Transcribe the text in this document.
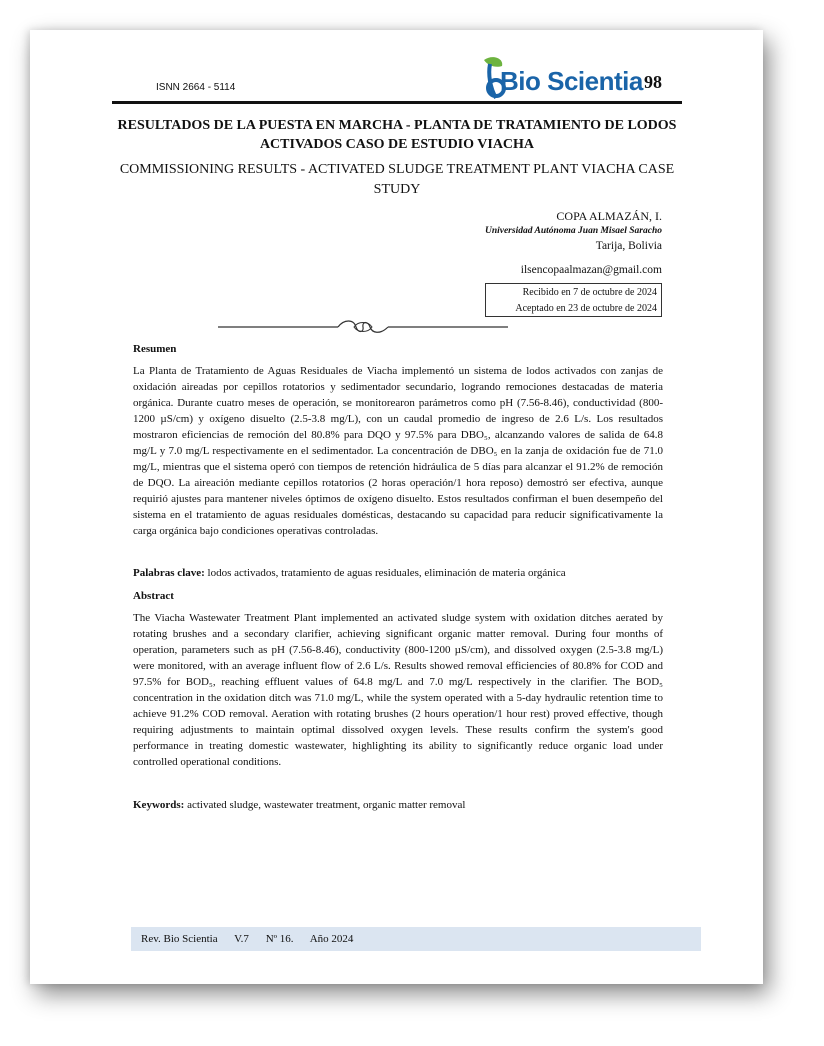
ISNN 2664 - 5114	Bio Scientia 98
RESULTADOS DE LA PUESTA EN MARCHA - PLANTA DE TRATAMIENTO DE LODOS ACTIVADOS CASO DE ESTUDIO VIACHA
COMMISSIONING RESULTS - ACTIVATED SLUDGE TREATMENT PLANT VIACHA CASE STUDY
COPA ALMAZÁN, I.
Universidad Autónoma Juan Misael Saracho
Tarija, Bolivia
ilsencopaalmazan@gmail.com
Recibido en 7 de octubre de 2024
Aceptado en 23 de octubre de 2024
Resumen
La Planta de Tratamiento de Aguas Residuales de Viacha implementó un sistema de lodos activados con zanjas de oxidación aireadas por cepillos rotatorios y sedimentador secundario, logrando remociones destacadas de materia orgánica. Durante cuatro meses de operación, se monitorearon parámetros como pH (7.56-8.46), conductividad (800-1200 µS/cm) y oxígeno disuelto (2.5-3.8 mg/L), con un caudal promedio de ingreso de 2.6 L/s. Los resultados mostraron eficiencias de remoción del 80.8% para DQO y 97.5% para DBO₅, alcanzando valores de salida de 64.8 mg/L y 7.0 mg/L respectivamente en el sedimentador. La concentración de DBO₅ en la zanja de oxidación fue de 71.0 mg/L, mientras que el sistema operó con tiempos de retención hidráulica de 5 días para alcanzar el 91.2% de remoción de DQO. La aireación mediante cepillos rotatorios (2 horas operación/1 hora reposo) demostró ser efectiva, aunque requirió ajustes para mantener niveles óptimos de oxígeno disuelto. Estos resultados confirman el buen desempeño del sistema en el tratamiento de aguas residuales domésticas, destacando su capacidad para reducir significativamente la carga orgánica bajo condiciones operativas controladas.
Palabras clave: lodos activados, tratamiento de aguas residuales, eliminación de materia orgánica
Abstract
The Viacha Wastewater Treatment Plant implemented an activated sludge system with oxidation ditches aerated by rotating brushes and a secondary clarifier, achieving significant organic matter removal. During four months of operation, parameters such as pH (7.56-8.46), conductivity (800-1200 µS/cm), and dissolved oxygen (2.5-3.8 mg/L) were monitored, with an average influent flow of 2.6 L/s. Results showed removal efficiencies of 80.8% for COD and 97.5% for BOD₅, reaching effluent values of 64.8 mg/L and 7.0 mg/L respectively in the clarifier. The BOD₅ concentration in the oxidation ditch was 71.0 mg/L, while the system operated with a 5-day hydraulic retention time to achieve 91.2% COD removal. Aeration with rotating brushes (2 hours operation/1 hour rest) proved effective, though requiring adjustments to maintain optimal dissolved oxygen levels. These results confirm the system's good performance in treating domestic wastewater, highlighting its ability to significantly reduce organic load under controlled operational conditions.
Keywords: activated sludge, wastewater treatment, organic matter removal
Rev. Bio Scientia V.7 Nº 16. Año 2024
